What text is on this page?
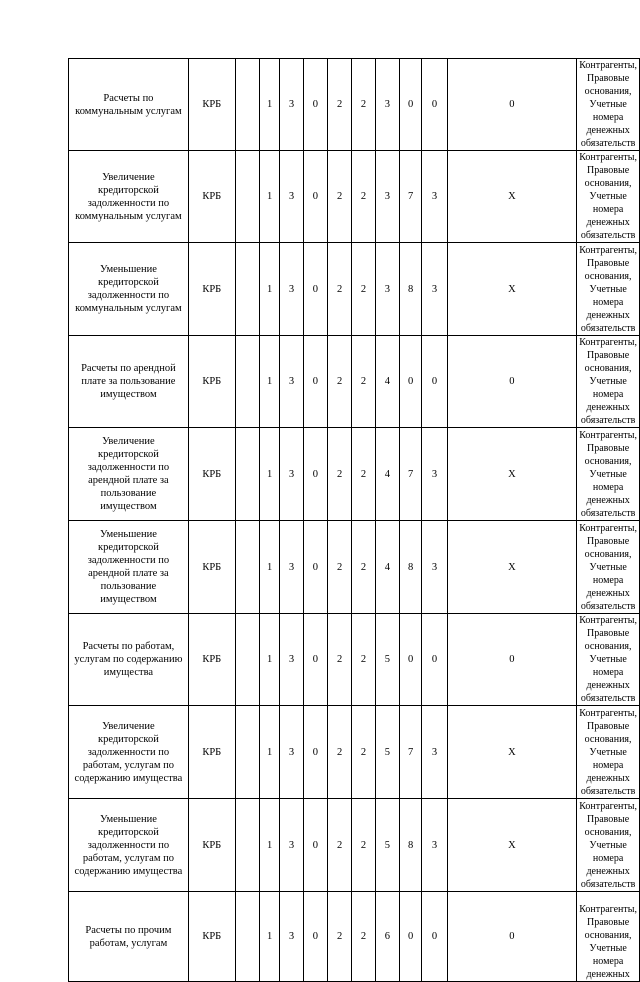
Расчеты по коммунальным услугам	КРБ		1	3	0	2	2	3	0	0	0	Контрагенты, Правовые основания, Учетные номера денежных обязательств
Увеличение кредиторской задолженности по коммунальным услугам	КРБ		1	3	0	2	2	3	7	3	Х	Контрагенты, Правовые основания, Учетные номера денежных обязательств
Уменьшение кредиторской задолженности по коммунальным услугам	КРБ		1	3	0	2	2	3	8	3	Х	Контрагенты, Правовые основания, Учетные номера денежных обязательств
Расчеты по арендной плате за пользование имуществом	КРБ		1	3	0	2	2	4	0	0	0	Контрагенты, Правовые основания, Учетные номера денежных обязательств
Увеличение кредиторской задолженности по арендной плате за пользование имуществом	КРБ		1	3	0	2	2	4	7	3	Х	Контрагенты, Правовые основания, Учетные номера денежных обязательств
Уменьшение кредиторской задолженности по арендной плате за пользование имуществом	КРБ		1	3	0	2	2	4	8	3	Х	Контрагенты, Правовые основания, Учетные номера денежных обязательств
Расчеты по работам, услугам по содержанию имущества	КРБ		1	3	0	2	2	5	0	0	0	Контрагенты, Правовые основания, Учетные номера денежных обязательств
Увеличение кредиторской задолженности по работам, услугам по содержанию имущества	КРБ		1	3	0	2	2	5	7	3	Х	Контрагенты, Правовые основания, Учетные номера денежных обязательств
Уменьшение кредиторской задолженности по работам, услугам по содержанию имущества	КРБ		1	3	0	2	2	5	8	3	Х	Контрагенты, Правовые основания, Учетные номера денежных обязательств
Расчеты по прочим работам, услугам	КРБ		1	3	0	2	2	6	0	0	0	Контрагенты, Правовые основания, Учетные номера денежных
